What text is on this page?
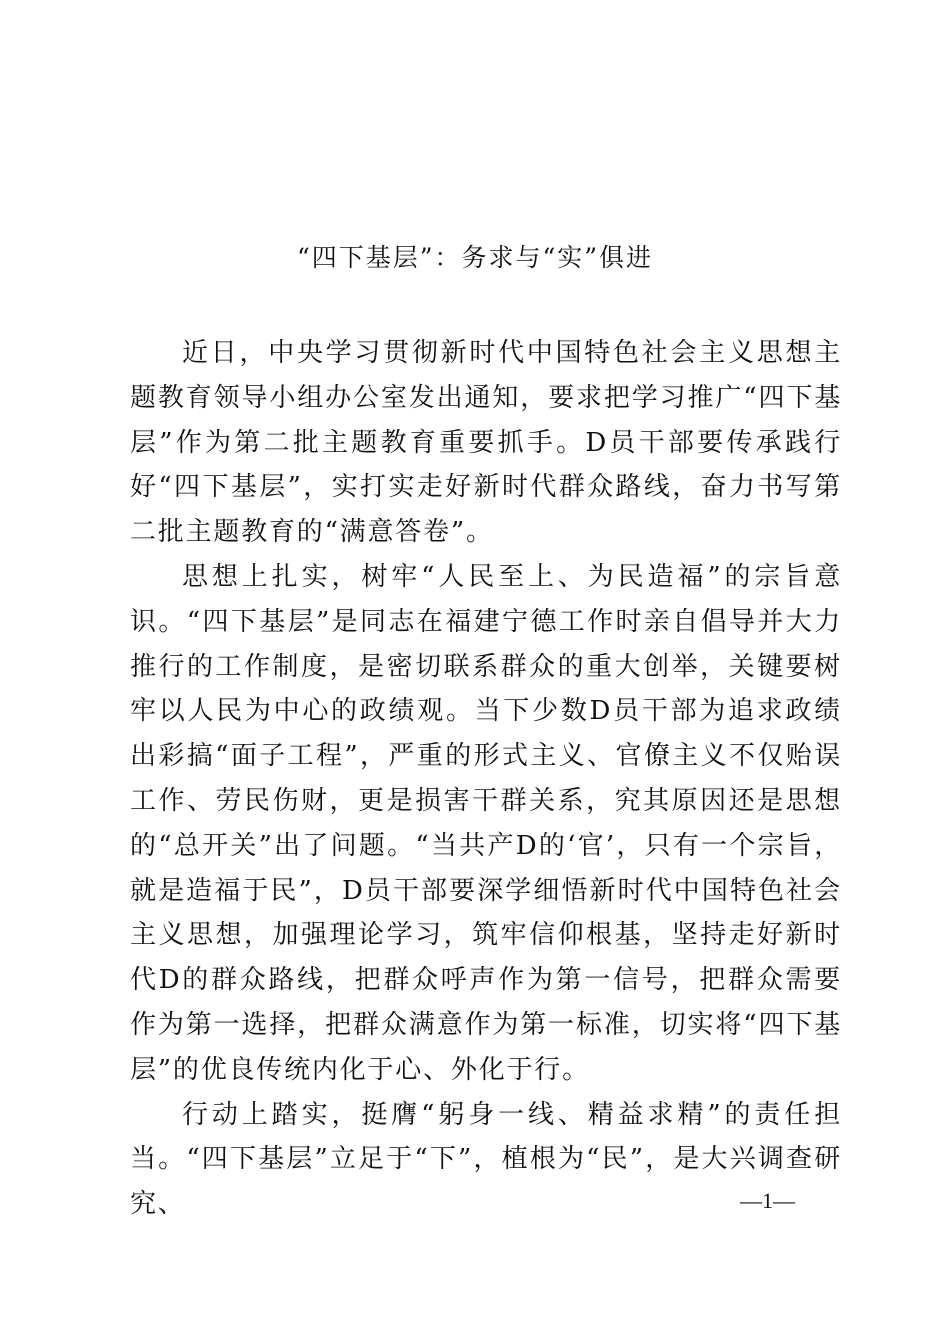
“四下基层”：务求与“实”俱进

近日，中央学习贯彻新时代中国特色社会主义思想主题教育领导小组办公室发出通知，要求把学习推广“四下基层”作为第二批主题教育重要抓手。D员干部要传承践行好“四下基层”，实打实走好新时代群众路线，奋力书写第二批主题教育的“满意答卷”。

思想上扎实，树牢“人民至上、为民造福”的宗旨意识。“四下基层”是同志在福建宁德工作时亲自倡导并大力推行的工作制度，是密切联系群众的重大创举，关键要树牢以人民为中心的政绩观。当下少数D员干部为追求政绩出彩搞“面子工程”，严重的形式主义、官僚主义不仅贻误工作、劳民伤财，更是损害干群关系，究其原因还是思想的“总开关”出了问题。“当共产D的‘官’，只有一个宗旨，就是造福于民”，D员干部要深学细悟新时代中国特色社会主义思想，加强理论学习，筑牢信仰根基，坚持走好新时代D的群众路线，把群众呼声作为第一信号，把群众需要作为第一选择，把群众满意作为第一标准，切实将“四下基层”的优良传统内化于心、外化于行。

行动上踏实，挺膺“躬身一线、精益求精”的责任担当。“四下基层”立足于“下”，植根为“民”，是大兴调查研究、	—1—
